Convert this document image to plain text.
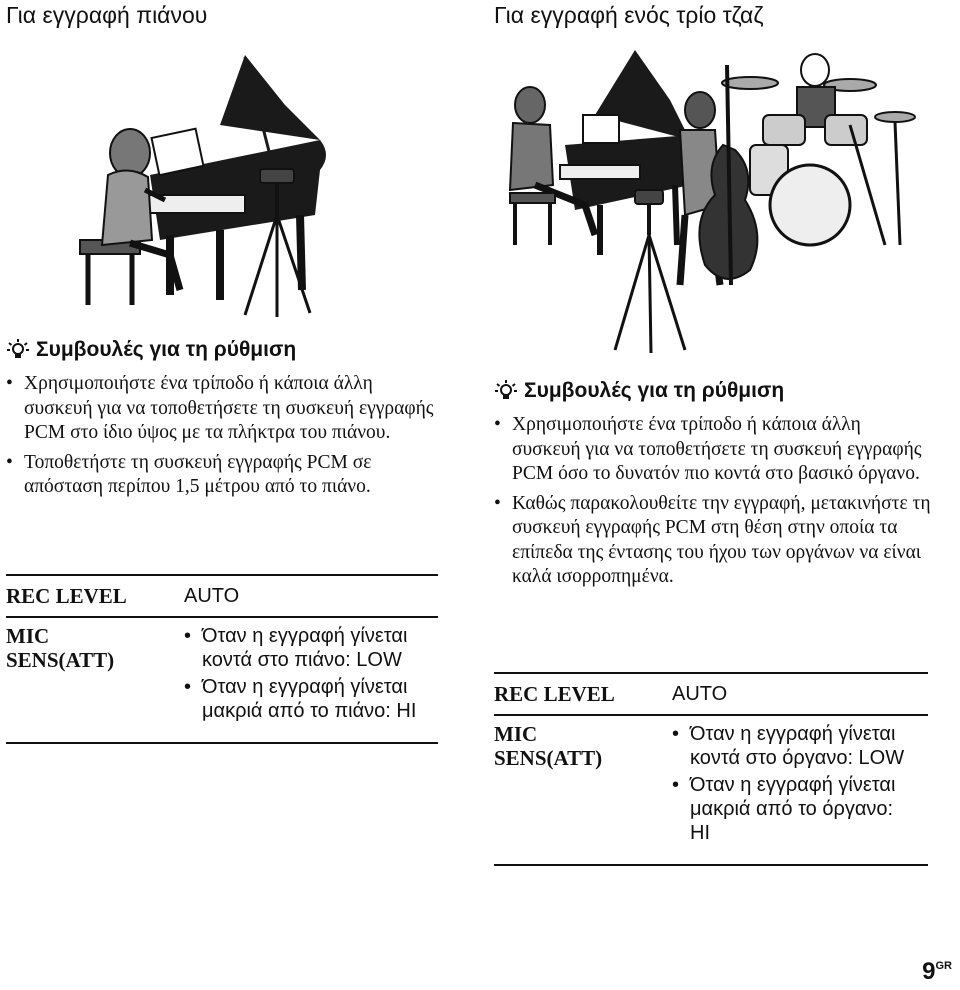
Για εγγραφή πιάνου
Συμβουλές για τη ρύθμιση
• Χρησιμοποιήστε ένα τρίποδο ή κάποια άλλη συσκευή για να τοποθετήσετε τη συσκευή εγγραφής PCM στο ίδιο ύψος με τα πλήκτρα του πιάνου.
• Τοποθετήστε τη συσκευή εγγραφής PCM σε απόσταση περίπου 1,5 μέτρου από το πιάνο.
REC LEVEL	AUTO
MIC
SENS(ATT)
• Όταν η εγγραφή γίνεται κοντά στο πιάνο: LOW
• Όταν η εγγραφή γίνεται μακριά από το πιάνο: HI
Για εγγραφή ενός τρίο τζαζ
Συμβουλές για τη ρύθμιση
• Χρησιμοποιήστε ένα τρίποδο ή κάποια άλλη συσκευή για να τοποθετήσετε τη συσκευή εγγραφής PCM όσο το δυνατόν πιο κοντά στο βασικό όργανο.
• Καθώς παρακολουθείτε την εγγραφή, μετακινήστε τη συσκευή εγγραφής PCM στη θέση στην οποία τα επίπεδα της έντασης του ήχου των οργάνων να είναι καλά ισορροπημένα.
REC LEVEL	AUTO
MIC
SENS(ATT)
• Όταν η εγγραφή γίνεται κοντά στο όργανο: LOW
• Όταν η εγγραφή γίνεται μακριά από το όργανο: HI
$9^{GR}$
